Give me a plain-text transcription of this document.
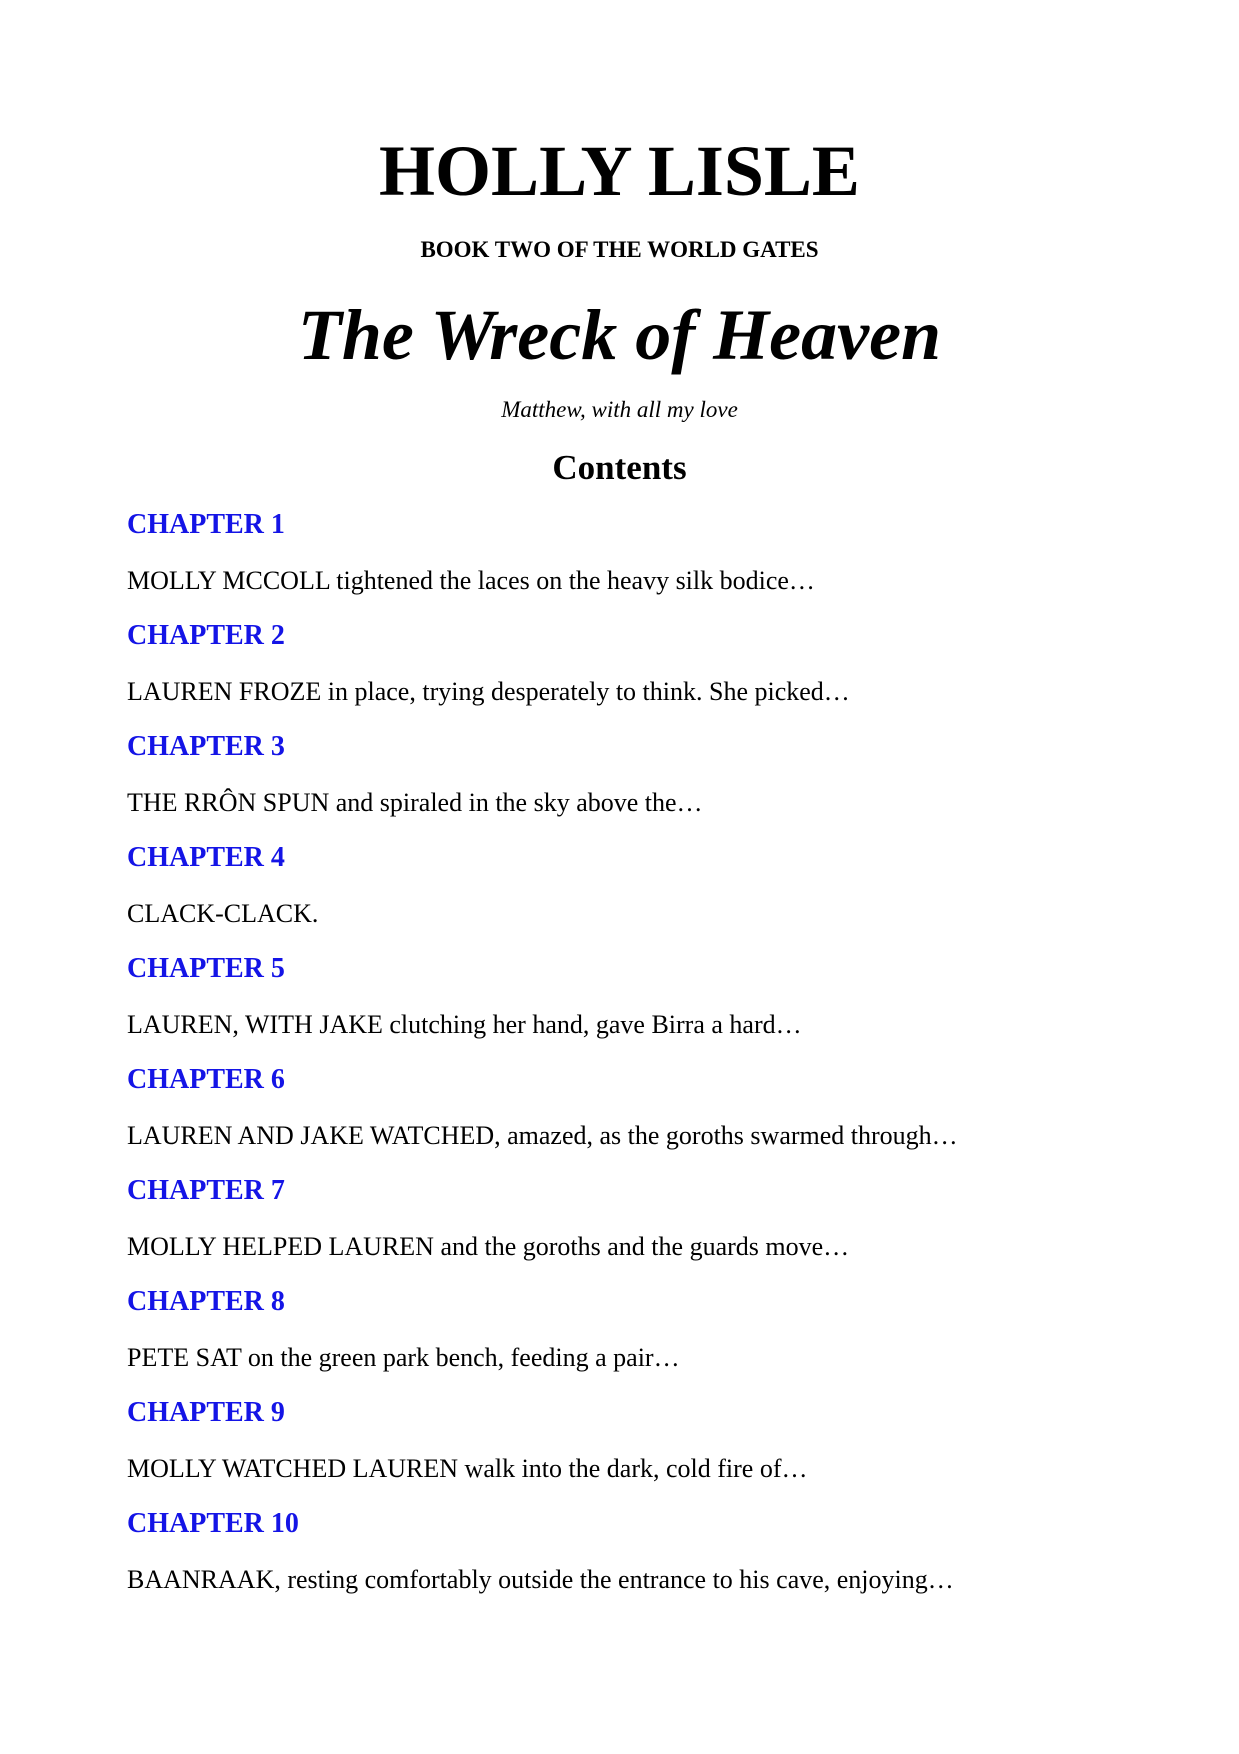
HOLLY LISLE
BOOK TWO OF THE WORLD GATES
The Wreck of Heaven
Matthew, with all my love
Contents
CHAPTER 1
MOLLY MCCOLL tightened the laces on the heavy silk bodice…
CHAPTER 2
LAUREN FROZE in place, trying desperately to think. She picked…
CHAPTER 3
THE RRÔN SPUN and spiraled in the sky above the…
CHAPTER 4
CLACK-CLACK.
CHAPTER 5
LAUREN, WITH JAKE clutching her hand, gave Birra a hard…
CHAPTER 6
LAUREN AND JAKE WATCHED, amazed, as the goroths swarmed through…
CHAPTER 7
MOLLY HELPED LAUREN and the goroths and the guards move…
CHAPTER 8
PETE SAT on the green park bench, feeding a pair…
CHAPTER 9
MOLLY WATCHED LAUREN walk into the dark, cold fire of…
CHAPTER 10
BAANRAAK, resting comfortably outside the entrance to his cave, enjoying…
